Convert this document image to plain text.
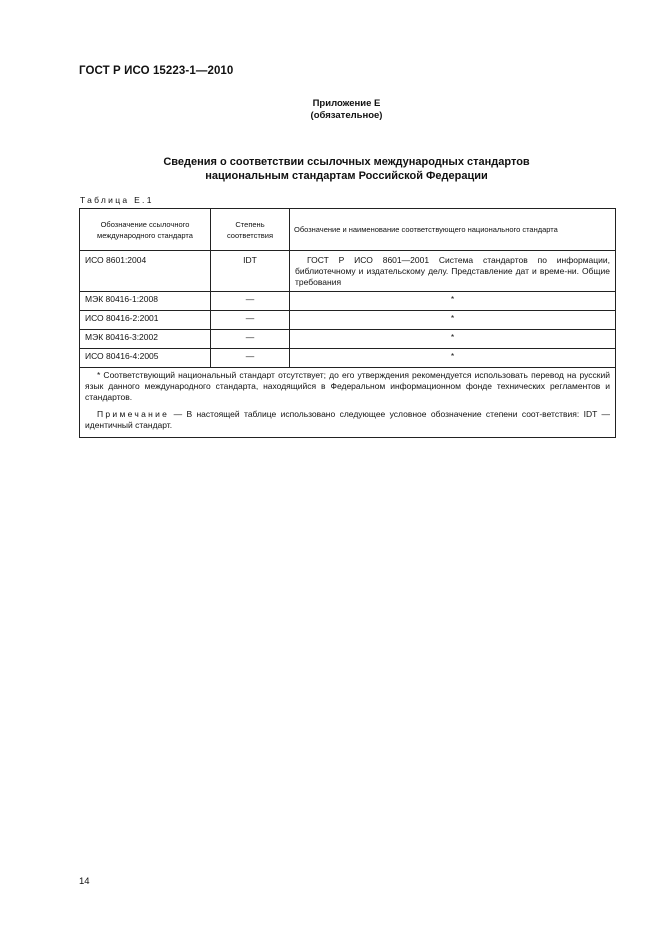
ГОСТ Р ИСО 15223-1—2010
Приложение Е
(обязательное)
Сведения о соответствии ссылочных международных стандартов
национальным стандартам Российской Федерации
Таблица Е.1
Обозначение ссылочного международного стандарта	Степень соответствия	Обозначение и наименование соответствующего национального стандарта
ИСО 8601:2004	IDT	ГОСТ Р ИСО 8601—2001 Система стандартов по информации, библиотечному и издательскому делу. Представление дат и време-ни. Общие требования
МЭК 80416-1:2008	—	*
ИСО 80416-2:2001	—	*
МЭК 80416-3:2002	—	*
ИСО 80416-4:2005	—	*

* Соответствующий национальный стандарт отсутствует; до его утверждения рекомендуется использовать перевод на русский язык данного международного стандарта, находящийся в Федеральном информационном фонде технических регламентов и стандартов.

Примечание — В настоящей таблице использовано следующее условное обозначение степени соот-ветствия: IDT — идентичный стандарт.		

14
